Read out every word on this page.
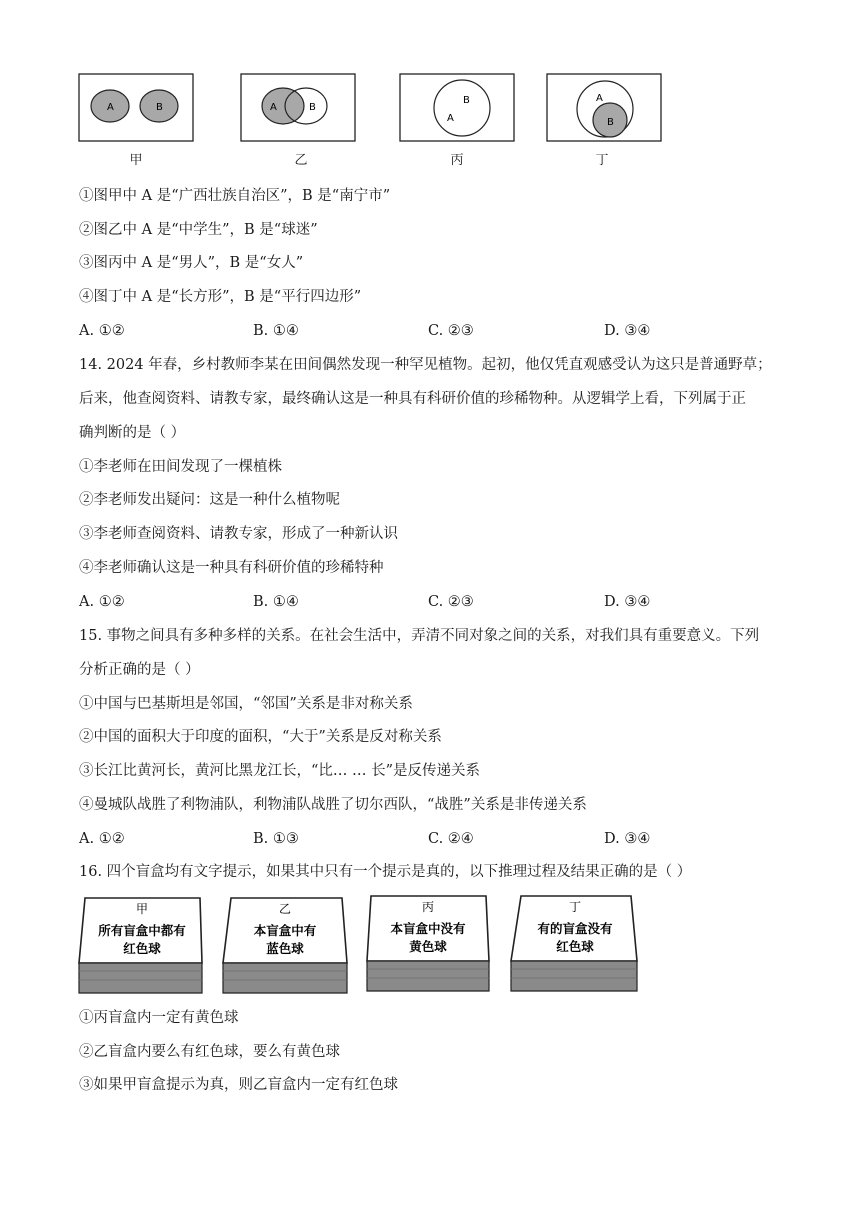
A	B
甲
A	B
乙
A
B
丙
A
B
丁
①图甲中 A 是“广西壮族自治区”，B 是“南宁市”
②图乙中 A 是“中学生”，B 是“球迷”
③图丙中 A 是“男人”，B 是“女人”
④图丁中 A 是“长方形”，B 是“平行四边形”
A. ①②	B. ①④	C. ②③	D. ③④
14. 2024 年春，乡村教师李某在田间偶然发现一种罕见植物。起初，他仅凭直观感受认为这只是普通野草；
后来，他查阅资料、请教专家，最终确认这是一种具有科研价值的珍稀物种。从逻辑学上看，下列属于正
确判断的是（ ）
①李老师在田间发现了一棵植株
②李老师发出疑问：这是一种什么植物呢
③李老师查阅资料、请教专家，形成了一种新认识
④李老师确认这是一种具有科研价值的珍稀特种
A. ①②	B. ①④	C. ②③	D. ③④
15. 事物之间具有多种多样的关系。在社会生活中，弄清不同对象之间的关系，对我们具有重要意义。下列
分析正确的是（ ）
①中国与巴基斯坦是邻国，“邻国”关系是非对称关系
②中国的面积大于印度的面积，“大于”关系是反对称关系
③长江比黄河长，黄河比黑龙江长，“比… … 长”是反传递关系
④曼城队战胜了利物浦队，利物浦队战胜了切尔西队，“战胜”关系是非传递关系
A. ①②	B. ①③	C. ②④	D. ③④
16. 四个盲盒均有文字提示，如果其中只有一个提示是真的，以下推理过程及结果正确的是（ ）
甲
所有盲盒中都有
红色球
乙
本盲盒中有
蓝色球
丙
本盲盒中没有
黄色球
丁
有的盲盒没有
红色球
①丙盲盒内一定有黄色球
②乙盲盒内要么有红色球，要么有黄色球
③如果甲盲盒提示为真，则乙盲盒内一定有红色球
